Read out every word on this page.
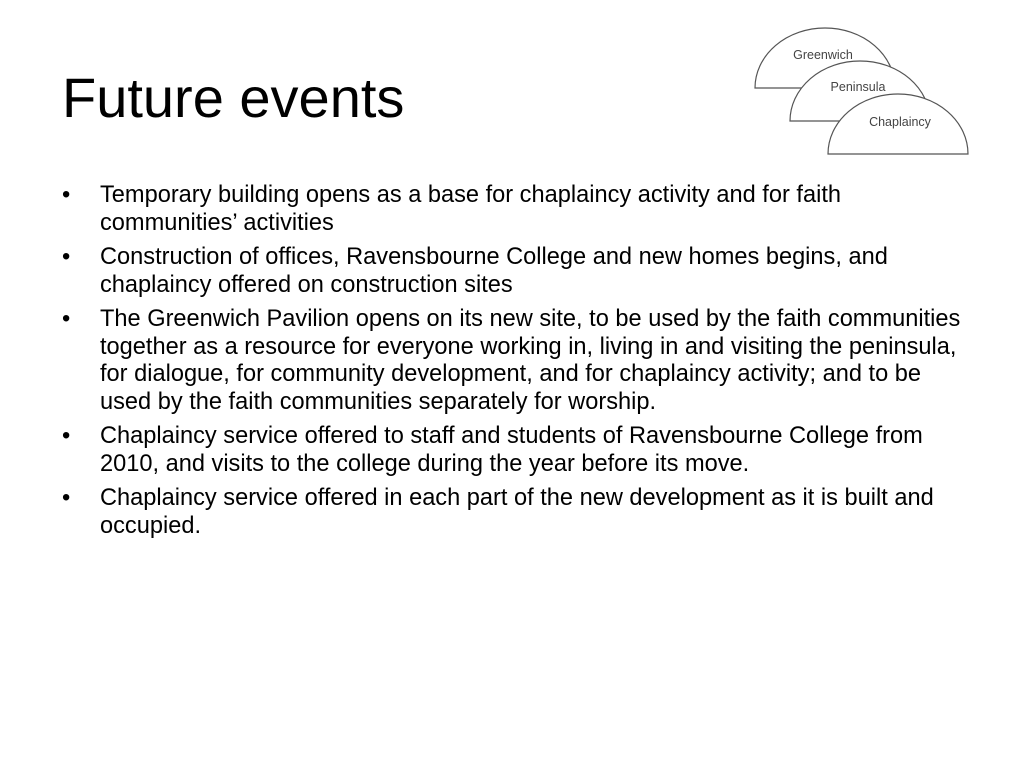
Future events
Greenwich
Peninsula
Chaplaincy
• Temporary building opens as a base for chaplaincy activity and for faith communities’ activities
• Construction of offices, Ravensbourne College and new homes begins, and chaplaincy offered on construction sites
• The Greenwich Pavilion opens on its new site, to be used by the faith communities together as a resource for everyone working in, living in and visiting the peninsula, for dialogue, for community development, and for chaplaincy activity; and to be used by the faith communities separately for worship.
• Chaplaincy service offered to staff and students of Ravensbourne College from 2010, and visits to the college during the year before its move.
• Chaplaincy service offered in each part of the new development as it is built and occupied.
